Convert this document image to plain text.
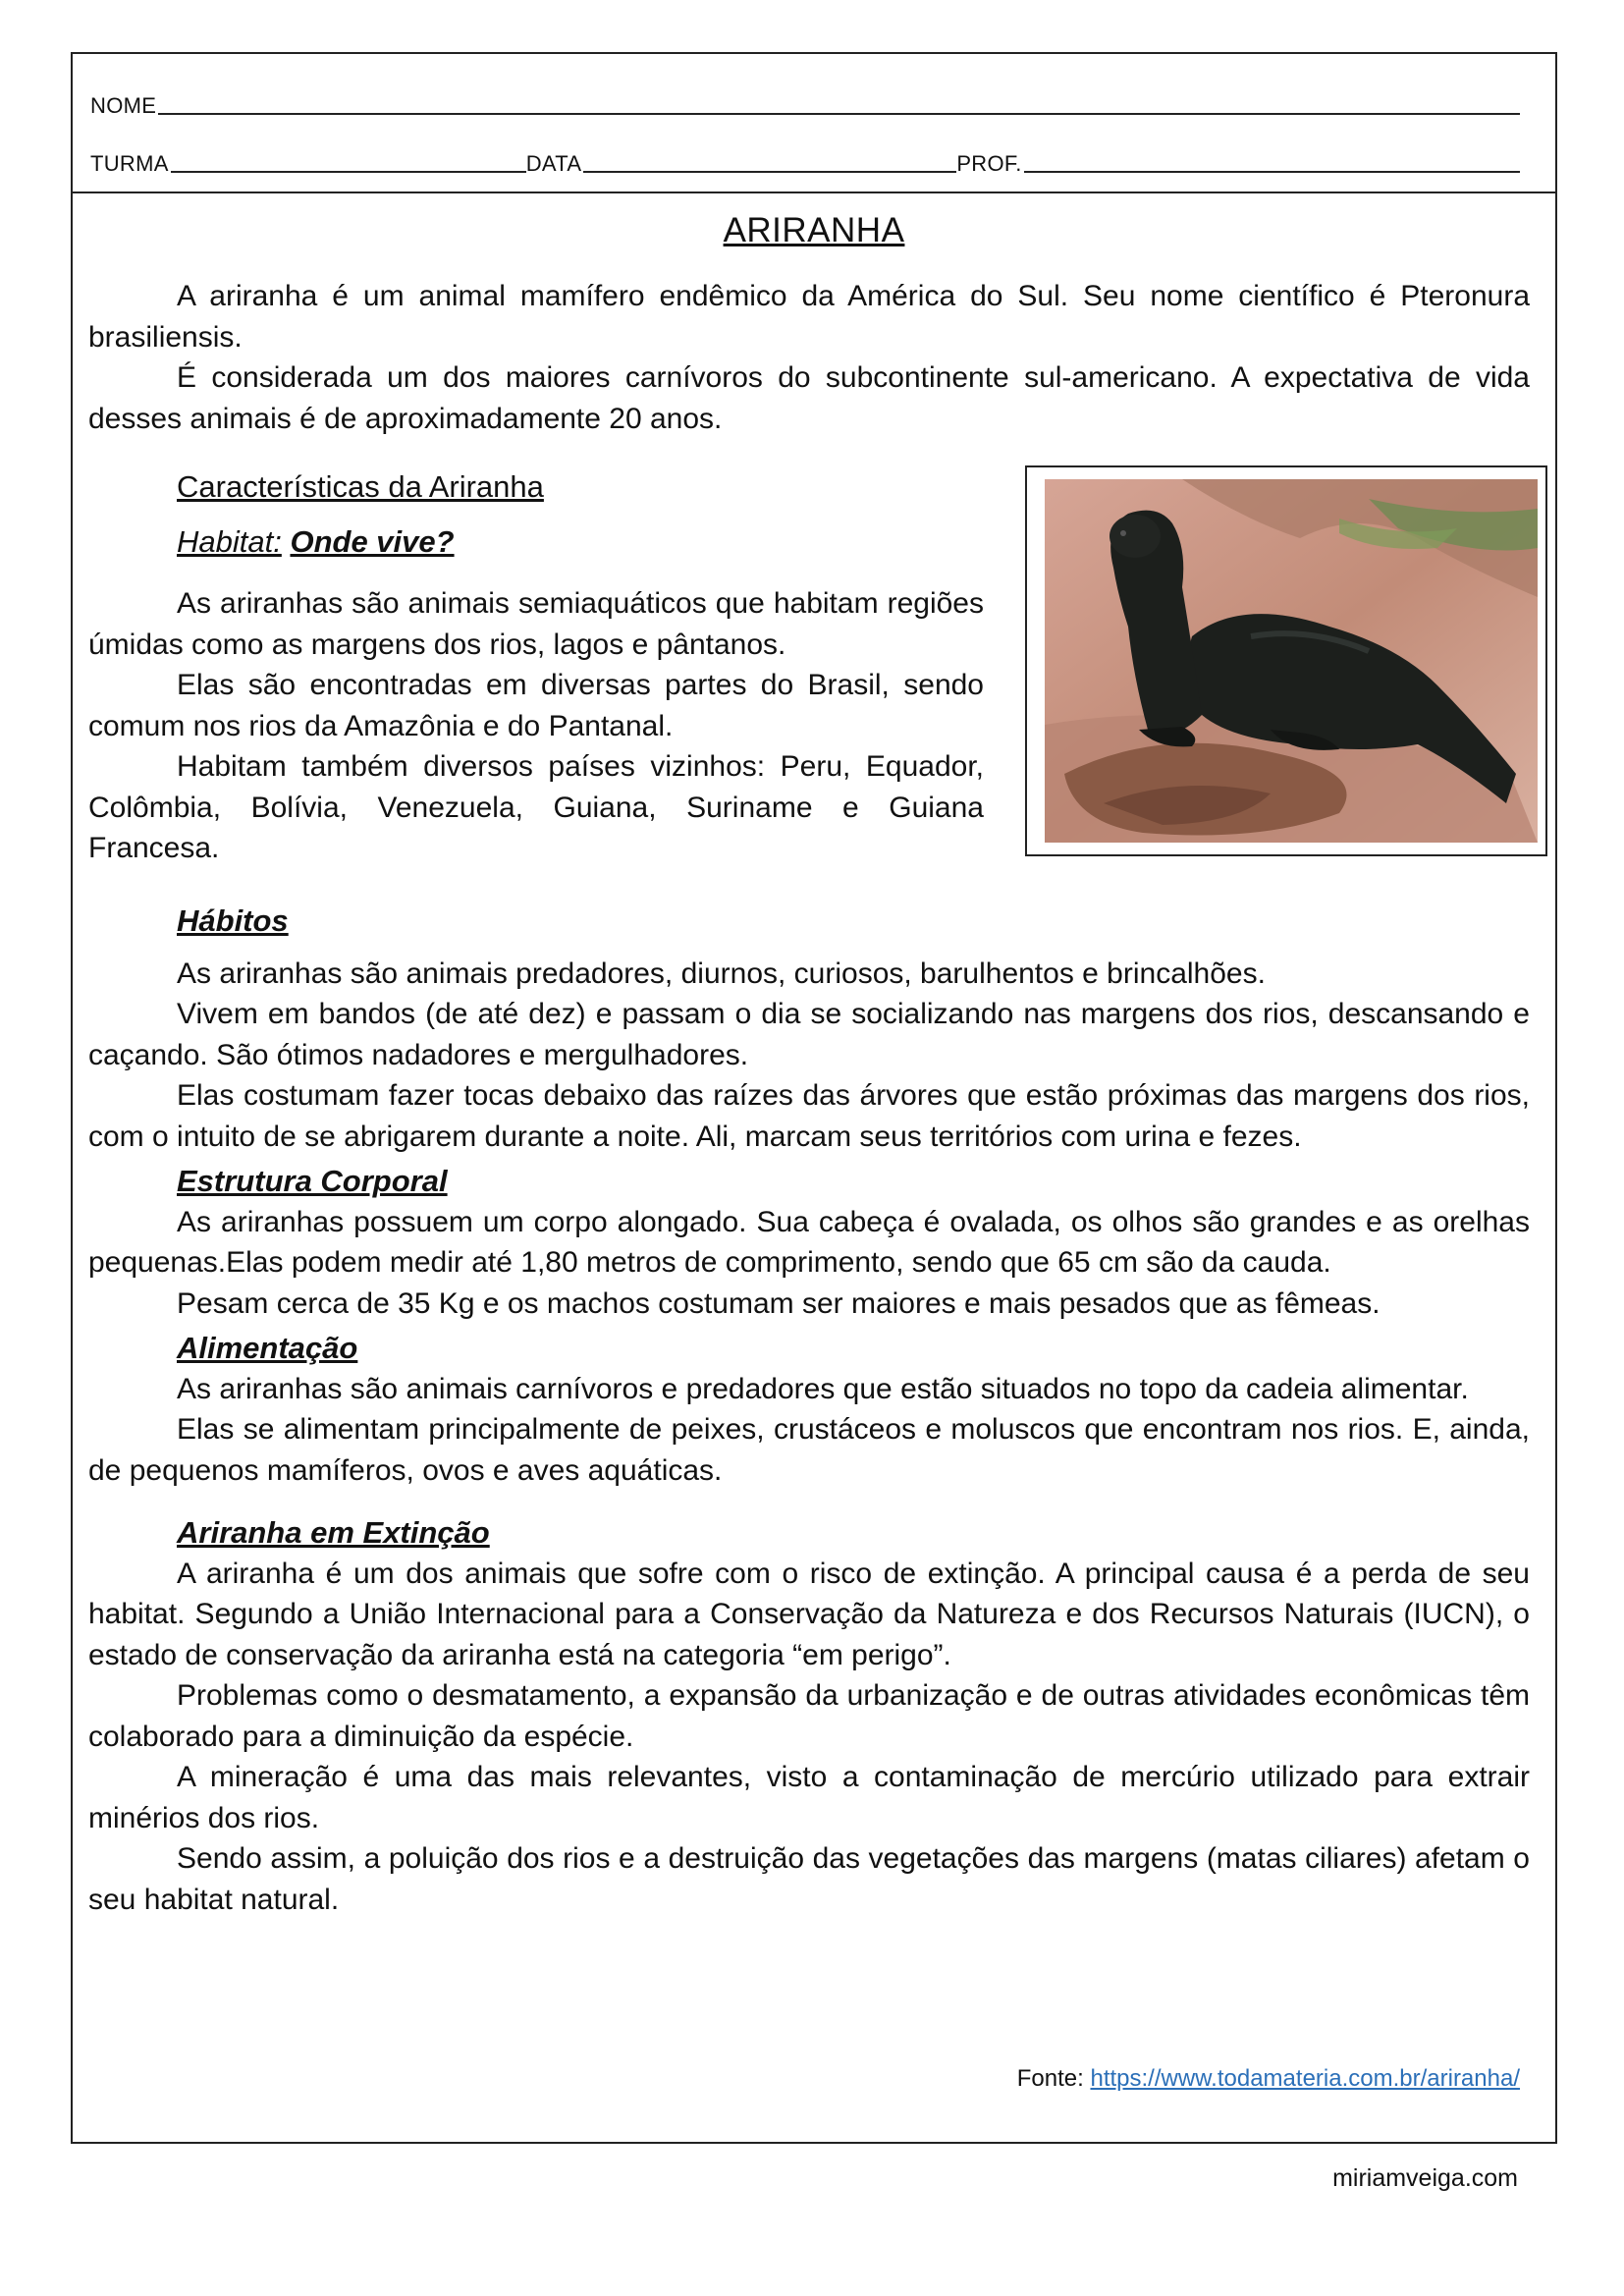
NOME
TURMA	DATA	PROF.
ARIRANHA

A ariranha é um animal mamífero endêmico da América do Sul. Seu nome científico é Pteronura brasiliensis.

É considerada um dos maiores carnívoros do subcontinente sul-americano. A expectativa de vida desses animais é de aproximadamente 20 anos.

Características da Ariranha

Habitat: Onde vive?

As ariranhas são animais semiaquáticos que habitam regiões úmidas como as margens dos rios, lagos e pântanos.

Elas são encontradas em diversas partes do Brasil, sendo comum nos rios da Amazônia e do Pantanal.

Habitam também diversos países vizinhos: Peru, Equador, Colômbia, Bolívia, Venezuela, Guiana, Suriname e Guiana Francesa.

Hábitos

As ariranhas são animais predadores, diurnos, curiosos, barulhentos e brincalhões.

Vivem em bandos (de até dez) e passam o dia se socializando nas margens dos rios, descansando e caçando. São ótimos nadadores e mergulhadores.

Elas costumam fazer tocas debaixo das raízes das árvores que estão próximas das margens dos rios, com o intuito de se abrigarem durante a noite. Ali, marcam seus territórios com urina e fezes.

Estrutura Corporal

As ariranhas possuem um corpo alongado. Sua cabeça é ovalada, os olhos são grandes e as orelhas pequenas.Elas podem medir até 1,80 metros de comprimento, sendo que 65 cm são da cauda.

Pesam cerca de 35 Kg e os machos costumam ser maiores e mais pesados que as fêmeas.

Alimentação

As ariranhas são animais carnívoros e predadores que estão situados no topo da cadeia alimentar.

Elas se alimentam principalmente de peixes, crustáceos e moluscos que encontram nos rios. E, ainda, de pequenos mamíferos, ovos e aves aquáticas.

Ariranha em Extinção

A ariranha é um dos animais que sofre com o risco de extinção. A principal causa é a perda de seu habitat. Segundo a União Internacional para a Conservação da Natureza e dos Recursos Naturais (IUCN), o estado de conservação da ariranha está na categoria “em perigo”.

Problemas como o desmatamento, a expansão da urbanização e de outras atividades econômicas têm colaborado para a diminuição da espécie.

A mineração é uma das mais relevantes, visto a contaminação de mercúrio utilizado para extrair minérios dos rios.

Sendo assim, a poluição dos rios e a destruição das vegetações das margens (matas ciliares) afetam o seu habitat natural.

Fonte: https://www.todamateria.com.br/ariranha/
miriamveiga.com
